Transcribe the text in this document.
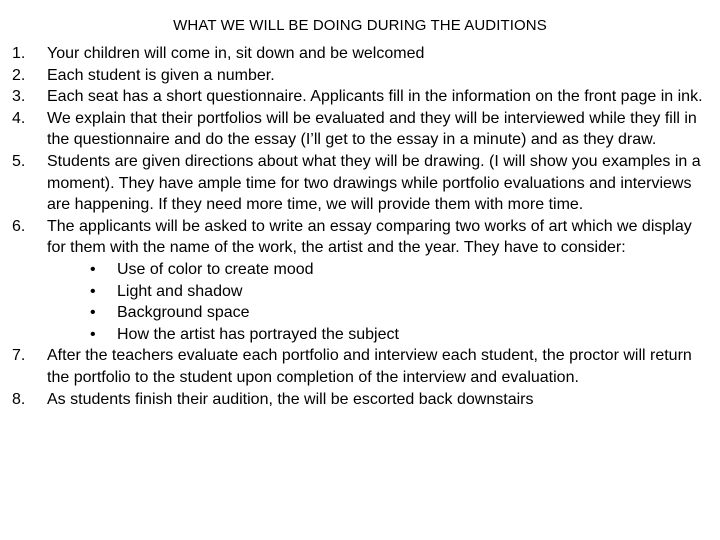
WHAT WE WILL BE DOING DURING THE AUDITIONS
1. Your children will come in, sit down and be welcomed
2. Each student is given a number.
3. Each seat has a short questionnaire. Applicants fill in the information on the front page in ink.
4. We explain that their portfolios will be evaluated and they will be interviewed while they fill in the questionnaire and do the essay (I’ll get to the essay in a minute) and as they draw.
5. Students are given directions about what they will be drawing. (I will show you examples in a moment). They have ample time for two drawings while portfolio evaluations and interviews are happening. If they need more time, we will provide them with more time.
6. The applicants will be asked to write an essay comparing two works of art which we display for them with the name of the work, the artist and the year. They have to consider:
• Use of color to create mood
• Light and shadow
• Background space
• How the artist has portrayed the subject
7. After the teachers evaluate each portfolio and interview each student, the proctor will return the portfolio to the student upon completion of the interview and evaluation.
8. As students finish their audition, the will be escorted back downstairs
